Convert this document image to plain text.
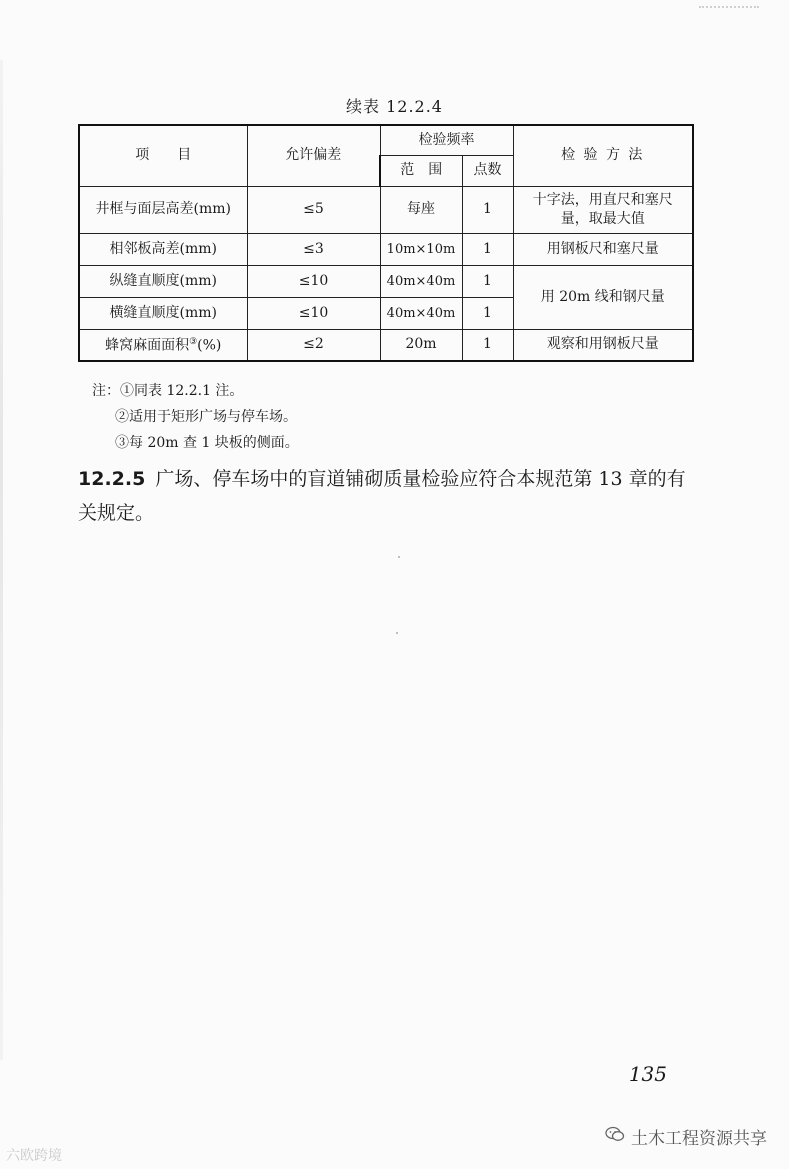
续表 12.2.4
项　　目	允许偏差	检验频率		检 验 方 法
		范　围	点数	
井框与面层高差(mm)	≤5	每座	1	十字法，用直尺和塞尺量，取最大值
相邻板高差(mm)	≤3	10m×10m	1	用钢板尺和塞尺量
纵缝直顺度(mm)	≤10	40m×40m	1	用 20m 线和钢尺量
横缝直顺度(mm)	≤10	40m×40m	1	
蜂窝麻面面积③(%)	≤2	20m	1	观察和用钢板尺量
注：①同表 12.2.1 注。
②适用于矩形广场与停车场。
③每 20m 查 1 块板的侧面。
12.2.5 广场、停车场中的盲道铺砌质量检验应符合本规范第 13 章的有关规定。
135
土木工程资源共享
六欧跨境
